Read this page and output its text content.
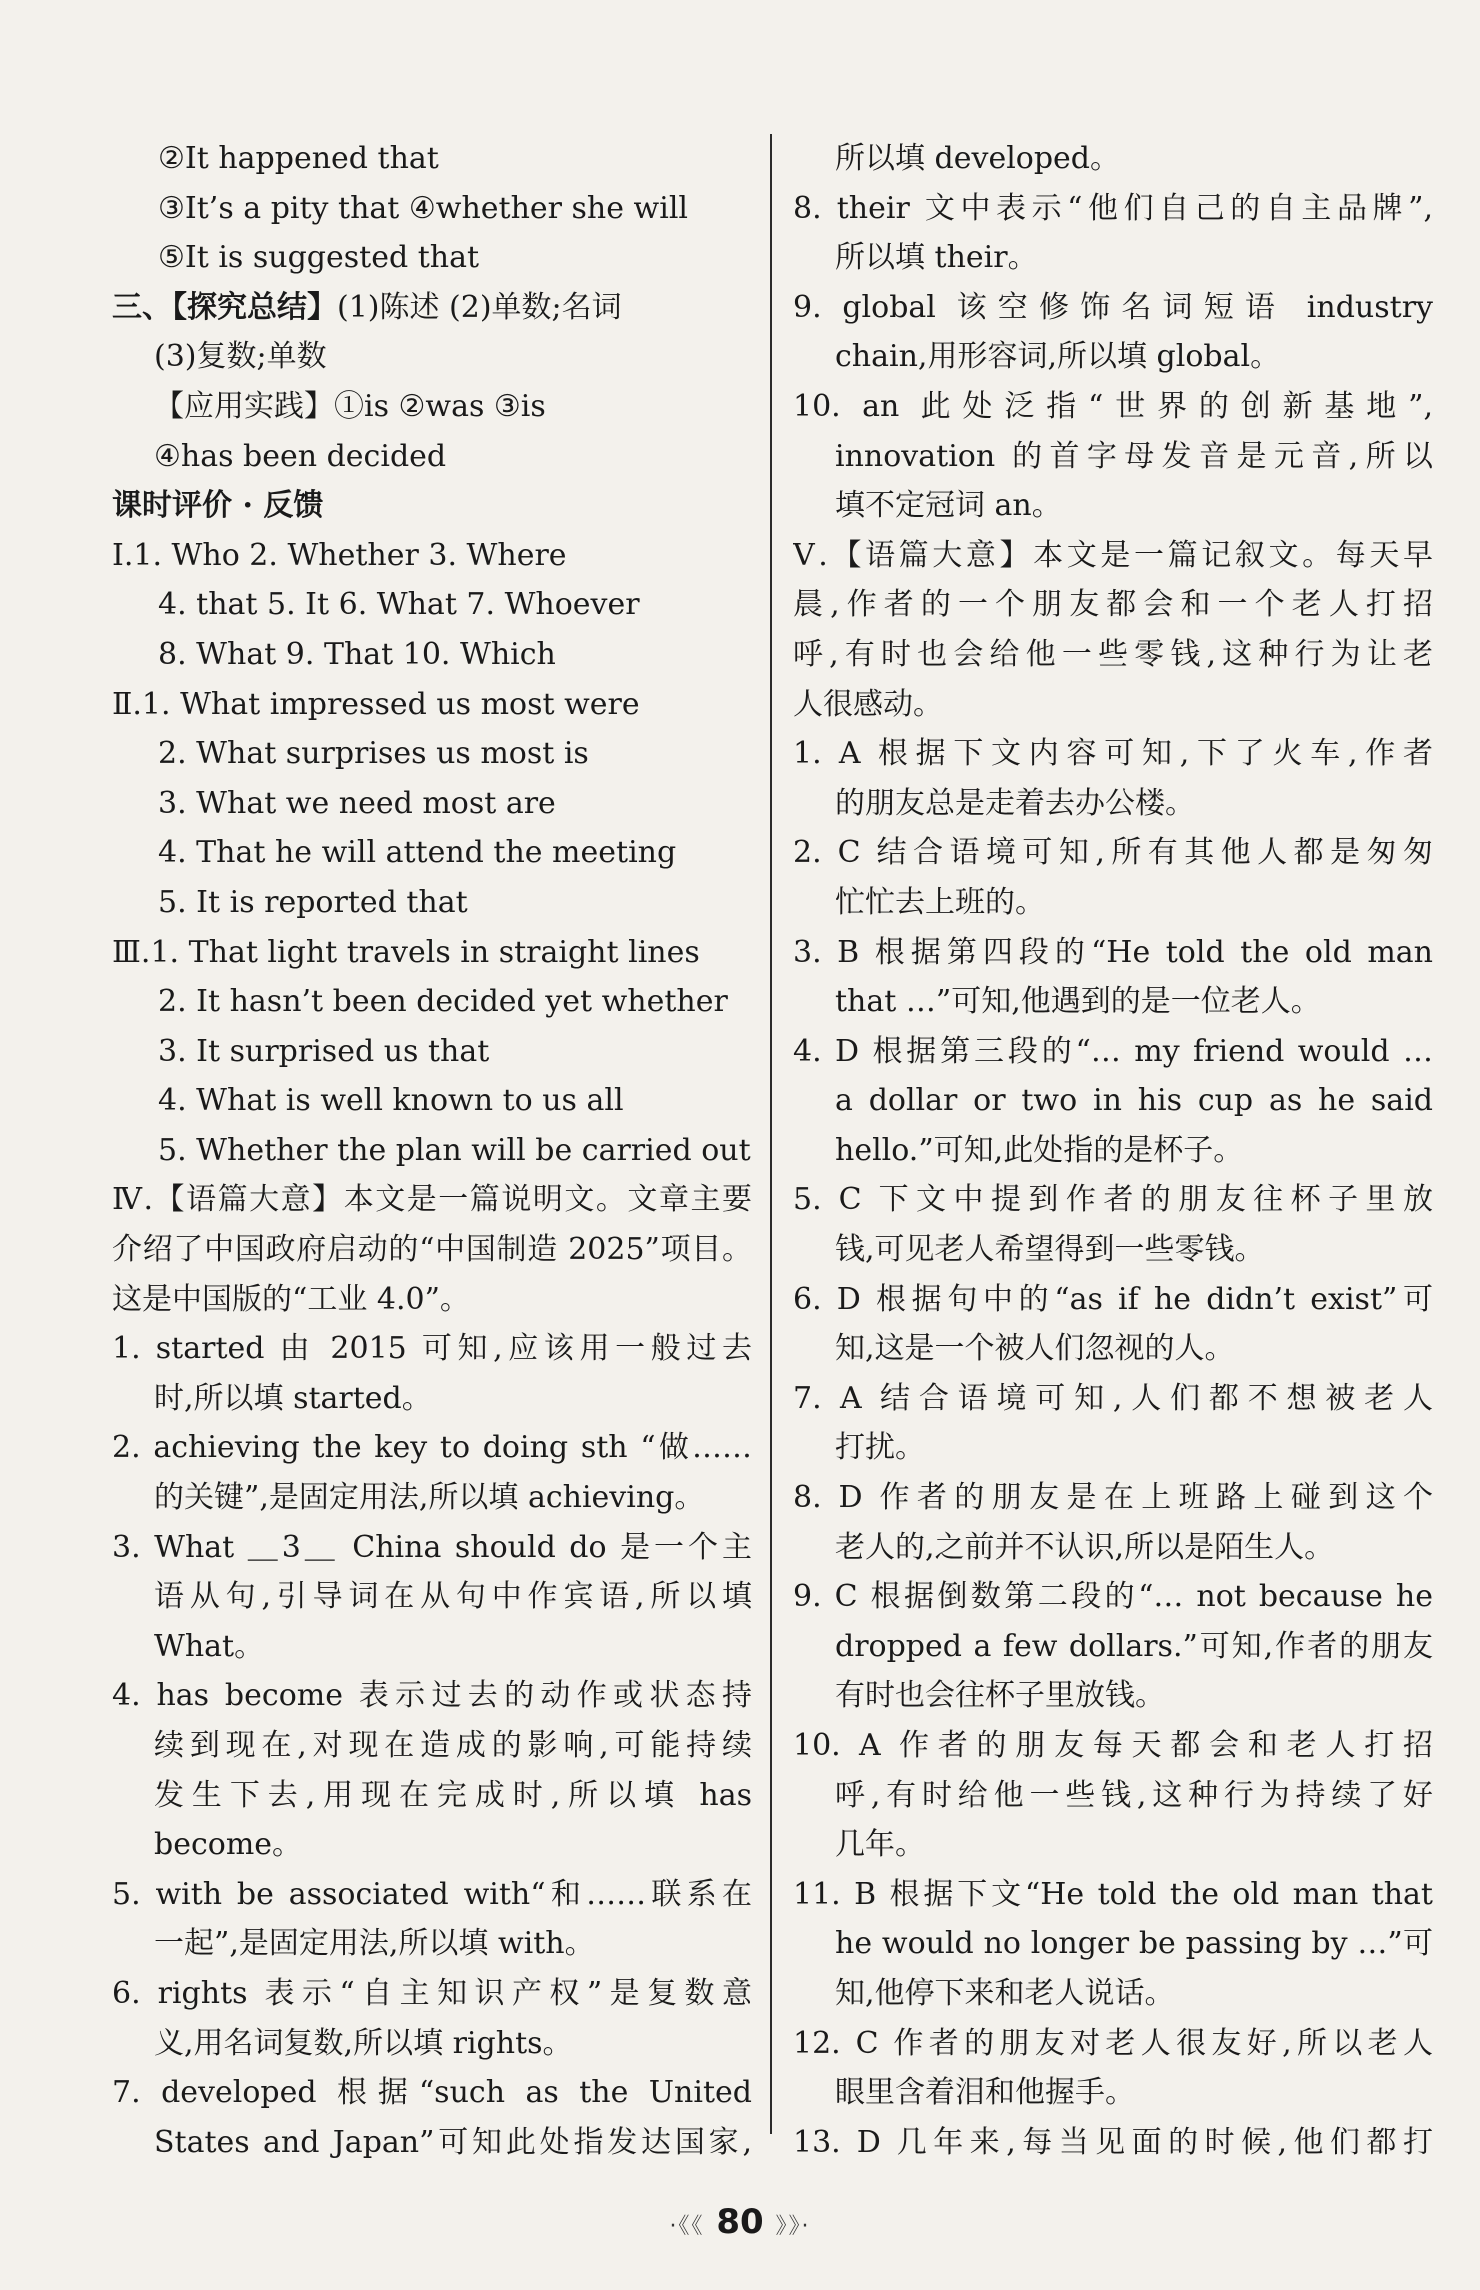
②It happened that
③It’s a pity that ④whether she will
⑤It is suggested that
三、【探究总结】(1)陈述 (2)单数;名词
(3)复数;单数
【应用实践】①is ②was ③is
④has been decided
课时评价 · 反馈
Ⅰ.1. Who 2. Whether 3. Where
4. that 5. It 6. What 7. Whoever
8. What 9. That 10. Which
Ⅱ.1. What impressed us most were
2. What surprises us most is
3. What we need most are
4. That he will attend the meeting
5. It is reported that
Ⅲ.1. That light travels in straight lines
2. It hasn’t been decided yet whether
3. It surprised us that
4. What is well known to us all
5. Whether the plan will be carried out
Ⅳ.【语篇大意】本文是一篇说明文。文章主要
介绍了中国政府启动的“中国制造 2025”项目。
这是中国版的“工业 4.0”。
1. started 由 2015 可知,应该用一般过去
时,所以填 started。
2. achieving the key to doing sth “做……
的关键”,是固定用法,所以填 achieving。
3. What ＿3＿ China should do 是一个主
语从句,引导词在从句中作宾语,所以填
What。
4. has become 表示过去的动作或状态持
续到现在,对现在造成的影响,可能持续
发生下去,用现在完成时,所以填 has
become。
5. with be associated with“和……联系在
一起”,是固定用法,所以填 with。
6. rights 表示“自主知识产权”是复数意
义,用名词复数,所以填 rights。
7. developed 根据“such as the United
States and Japan”可知此处指发达国家,
所以填 developed。
8. their 文中表示“他们自己的自主品牌”,
所以填 their。
9. global 该空修饰名词短语 industry
chain,用形容词,所以填 global。
10. an 此处泛指“世界的创新基地”,
innovation 的首字母发音是元音,所以
填不定冠词 an。
Ⅴ.【语篇大意】本文是一篇记叙文。每天早
晨,作者的一个朋友都会和一个老人打招
呼,有时也会给他一些零钱,这种行为让老
人很感动。
1. A 根据下文内容可知,下了火车,作者
的朋友总是走着去办公楼。
2. C 结合语境可知,所有其他人都是匆匆
忙忙去上班的。
3. B 根据第四段的“He told the old man
that …”可知,他遇到的是一位老人。
4. D 根据第三段的“… my friend would …
a dollar or two in his cup as he said
hello.”可知,此处指的是杯子。
5. C 下文中提到作者的朋友往杯子里放
钱,可见老人希望得到一些零钱。
6. D 根据句中的“as if he didn’t exist”可
知,这是一个被人们忽视的人。
7. A 结合语境可知,人们都不想被老人
打扰。
8. D 作者的朋友是在上班路上碰到这个
老人的,之前并不认识,所以是陌生人。
9. C 根据倒数第二段的“… not because he
dropped a few dollars.”可知,作者的朋友
有时也会往杯子里放钱。
10. A 作者的朋友每天都会和老人打招
呼,有时给他一些钱,这种行为持续了好
几年。
11. B 根据下文“He told the old man that
he would no longer be passing by …”可
知,他停下来和老人说话。
12. C 作者的朋友对老人很友好,所以老人
眼里含着泪和他握手。
13. D 几年来,每当见面的时候,他们都打
·《《 80 》》·
